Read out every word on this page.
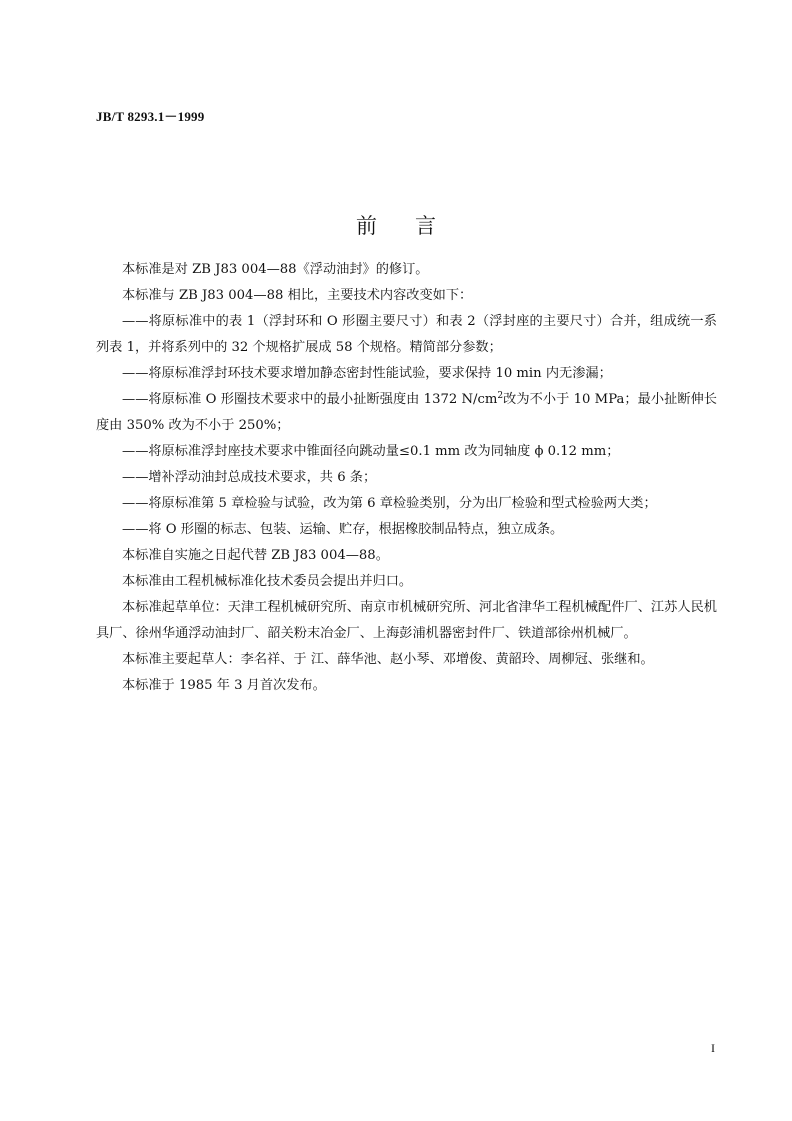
JB/T 8293.1－1999
前言

本标准是对 ZB J83 004—88《浮动油封》的修订。

本标准与 ZB J83 004—88 相比，主要技术内容改变如下：

——将原标准中的表 1（浮封环和 O 形圈主要尺寸）和表 2（浮封座的主要尺寸）合并，组成统一系列表 1，并将系列中的 32 个规格扩展成 58 个规格。精简部分参数；

——将原标准浮封环技术要求增加静态密封性能试验，要求保持 10 min 内无渗漏；

——将原标准 O 形圈技术要求中的最小扯断强度由 1372 $N/cm^2$改为不小于 10 MPa；最小扯断伸长度由 350% 改为不小于 250%；

——将原标准浮封座技术要求中锥面径向跳动量≤0.1 mm 改为同轴度 ϕ 0.12 mm；

——增补浮动油封总成技术要求，共 6 条；

——将原标准第 5 章检验与试验，改为第 6 章检验类别，分为出厂检验和型式检验两大类；

——将 O 形圈的标志、包装、运输、贮存，根据橡胶制品特点，独立成条。

本标准自实施之日起代替 ZB J83 004—88。

本标准由工程机械标准化技术委员会提出并归口。

本标准起草单位：天津工程机械研究所、南京市机械研究所、河北省津华工程机械配件厂、江苏人民机具厂、徐州华通浮动油封厂、韶关粉末冶金厂、上海彭浦机器密封件厂、铁道部徐州机械厂。

本标准主要起草人：李名祥、于 江、薛华池、赵小琴、邓增俊、黄韶玲、周柳冠、张继和。

本标准于 1985 年 3 月首次发布。

I
